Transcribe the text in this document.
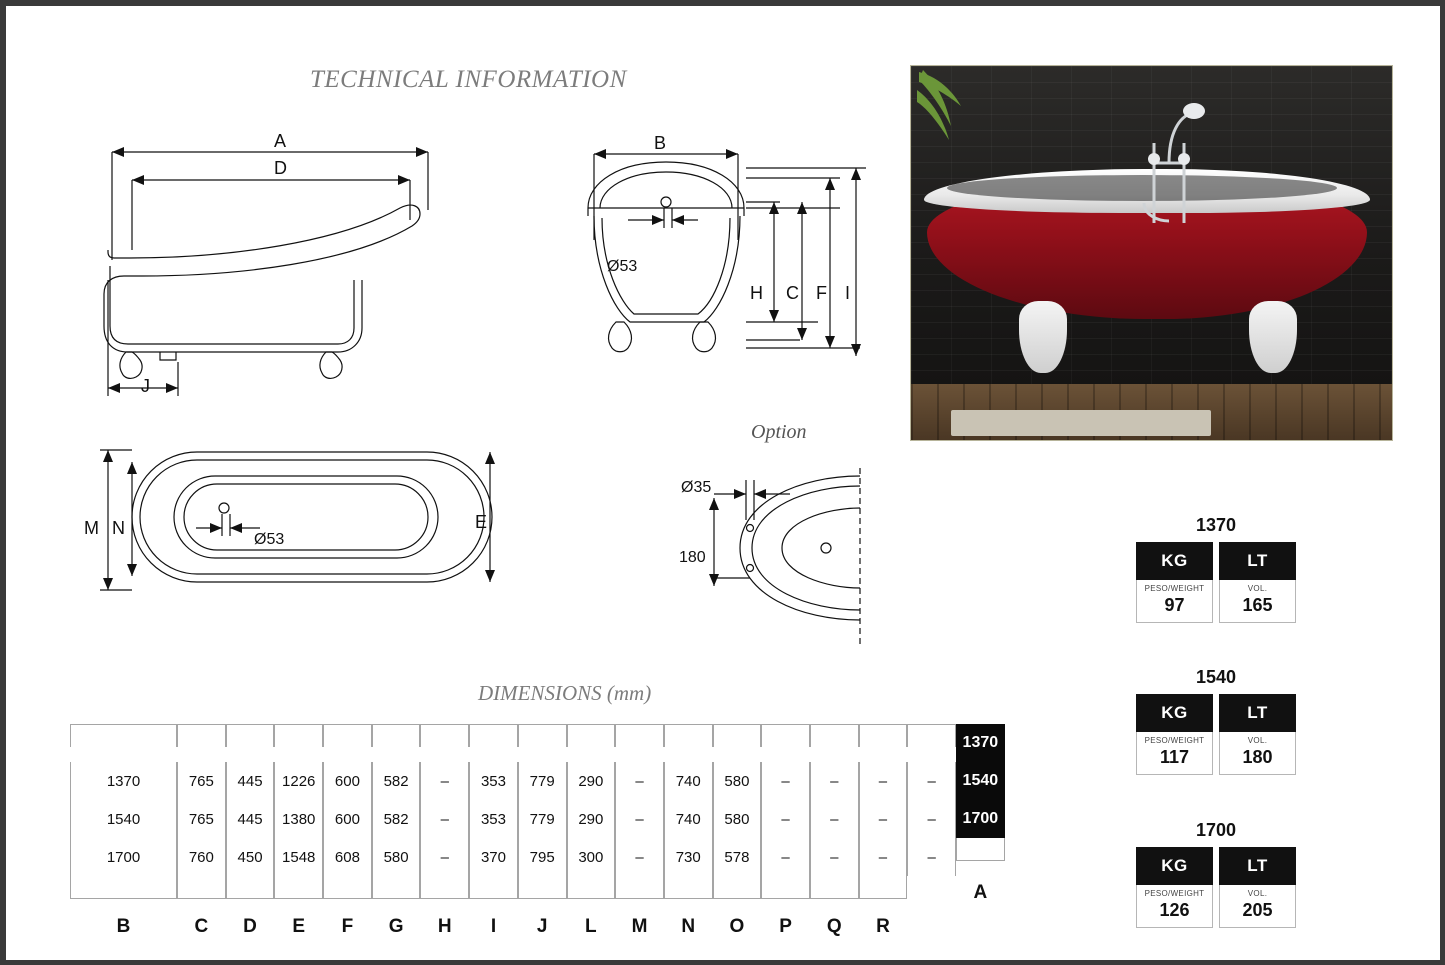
TECHNICAL INFORMATION
Option
DIMENSIONS (mm)
A
D
J
B
Ø53
H C F I
M N	E
Ø53
Ø35
180
1370
KG
PESO/WEIGHT
97
LT
VOL.
165
1540
KG
PESO/WEIGHT
117
LT
VOL.
180
1700
KG
PESO/WEIGHT
126
LT
VOL.
205
1370
1370	765	445	1226	600	582	–	353	779	290	–	740	580	–	–	–	–	1540
1540	765	445	1380	600	582	–	353	779	290	–	740	580	–	–	–	–	1700
1700	760	450	1548	608	580	–	370	795	300	–	730	578	–	–	–	–
A
B	C	D	E	F	G	H	I	J	L	M	N	O	P	Q	R
